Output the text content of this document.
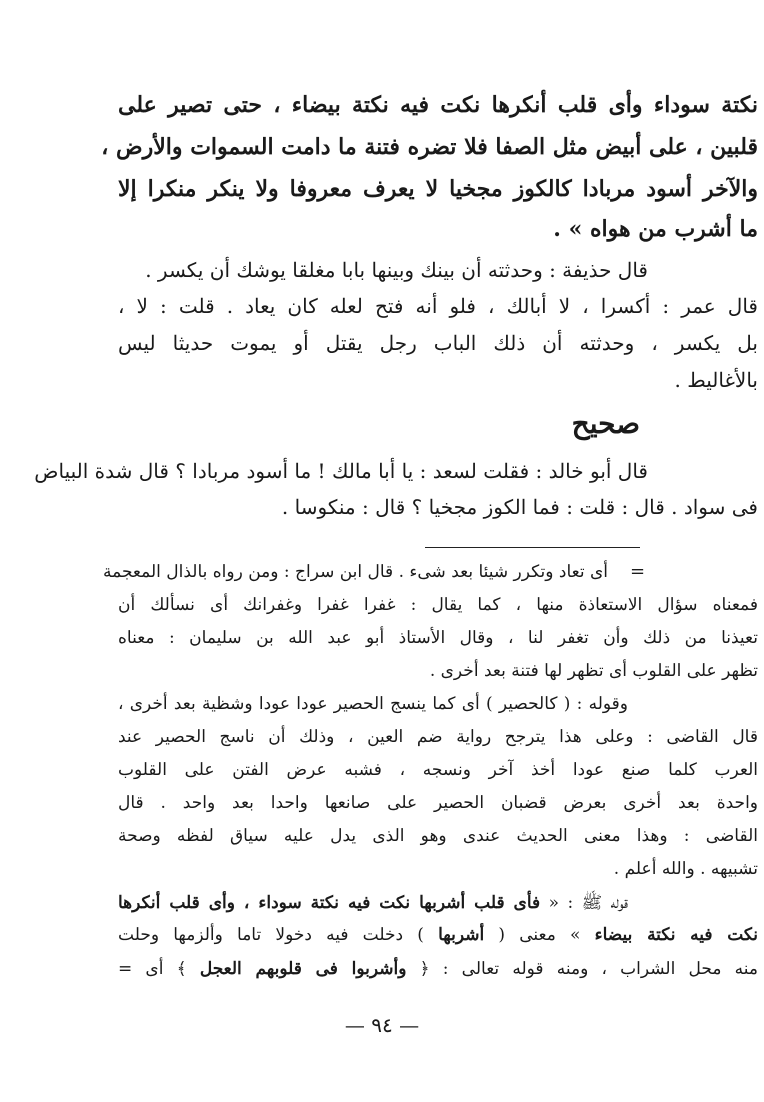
نكتة سوداء وأى قلب أنكرها نكت فيه نكتة بيضاء ، حتى تصير على
قلبين ، على أبيض مثل الصفا فلا تضره فتنة ما دامت السموات والأرض ،
والآخر أسود مربادا كالكوز مجخيا لا يعرف معروفا ولا ينكر منكرا إلا
ما أشرب من هواه » .
قال حذيفة : وحدثته أن بينك وبينها بابا مغلقا يوشك أن يكسر .
قال عمر : أكسرا ، لا أبالك ، فلو أنه فتح لعله كان يعاد . قلت : لا ،
بل يكسر ، وحدثته أن ذلك الباب رجل يقتل أو يموت حديثا ليس
بالأغاليط .
صحيح
قال أبو خالد : فقلت لسعد : يا أبا مالك ! ما أسود مربادا ؟ قال شدة البياض
فى سواد . قال : قلت : فما الكوز مجخيا ؟ قال : منكوسا .
=
أى تعاد وتكرر شيئا بعد شىء . قال ابن سراج : ومن رواه بالذال المعجمة
فمعناه سؤال الاستعاذة منها ، كما يقال : غفرا غفرا وغفرانك أى نسألك أن
تعيذنا من ذلك وأن تغفر لنا ، وقال الأستاذ أبو عبد الله بن سليمان : معناه
تظهر على القلوب أى تظهر لها فتنة بعد أخرى .
وقوله : ( كالحصير ) أى كما ينسج الحصير عودا عودا وشظية بعد أخرى ،
قال القاضى : وعلى هذا يترجح رواية ضم العين ، وذلك أن ناسج الحصير عند
العرب كلما صنع عودا أخذ آخر ونسجه ، فشبه عرض الفتن على القلوب
واحدة بعد أخرى بعرض قضبان الحصير على صانعها واحدا بعد واحد . قال
القاضى : وهذا معنى الحديث عندى وهو الذى يدل عليه سياق لفظه وصحة
تشبيهه . والله أعلم .
قوله ﷺ : « فأى قلب أشربها نكت فيه نكتة سوداء ، وأى قلب أنكرها
نكت فيه نكتة بيضاء » معنى ( أشربها ) دخلت فيه دخولا تاما وألزمها وحلت
منه محل الشراب ، ومنه قوله تعالى : ﴿ وأشربوا فى قلوبهم العجل ﴾ أى =
— ٩٤ —
